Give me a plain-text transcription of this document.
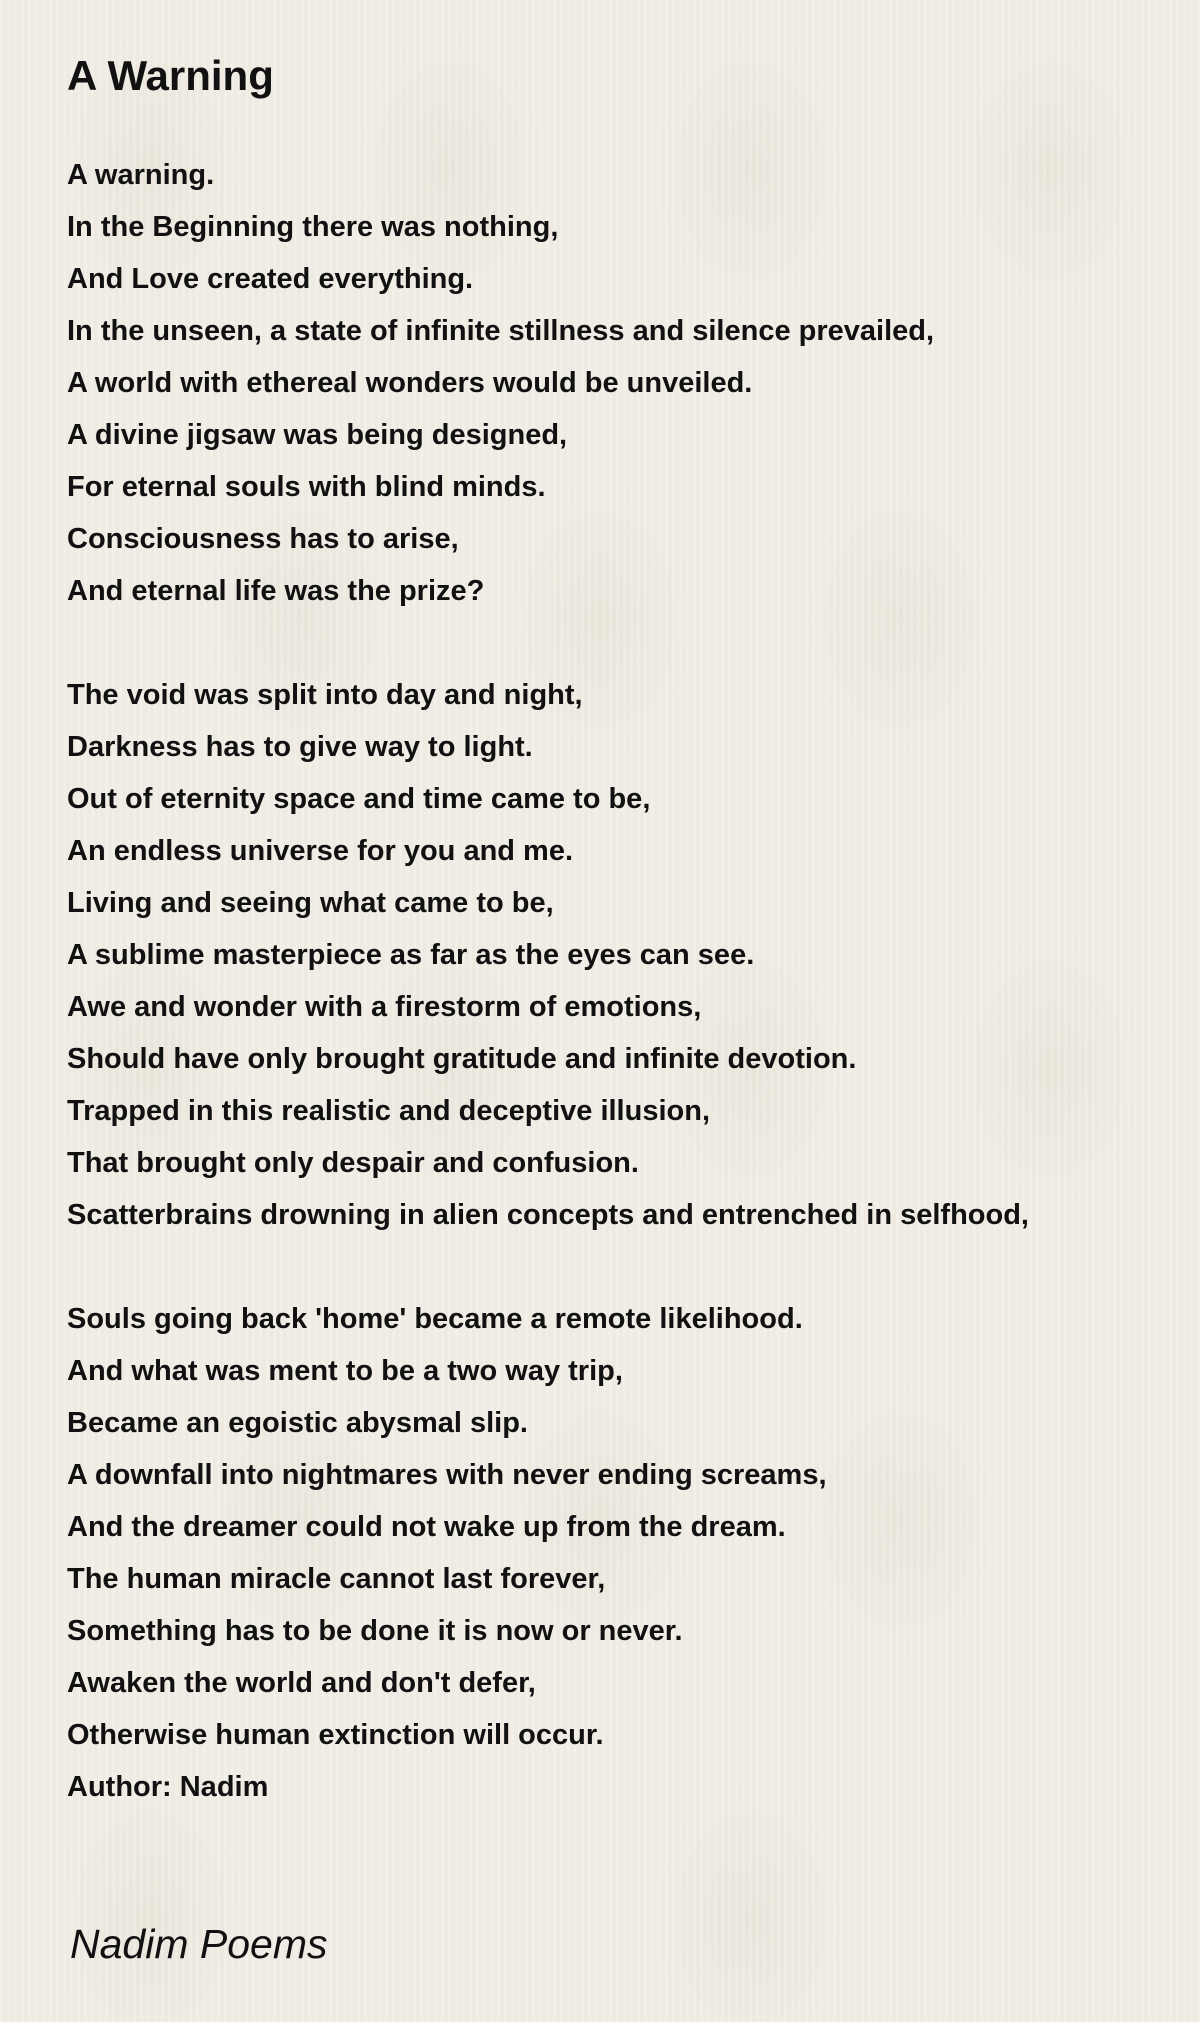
A Warning
A warning.
In the Beginning there was nothing,
And Love created everything.
In the unseen, a state of infinite stillness and silence prevailed,
A world with ethereal wonders would be unveiled.
A divine jigsaw was being designed,
For eternal souls with blind minds.
Consciousness has to arise,
And eternal life was the prize?
The void was split into day and night,
Darkness has to give way to light.
Out of eternity space and time came to be,
An endless universe for you and me.
Living and seeing what came to be,
A sublime masterpiece as far as the eyes can see.
Awe and wonder with a firestorm of emotions,
Should have only brought gratitude and infinite devotion.
Trapped in this realistic and deceptive illusion,
That brought only despair and confusion.
Scatterbrains drowning in alien concepts and entrenched in selfhood,
Souls going back 'home' became a remote likelihood.
And what was ment to be a two way trip,
Became an egoistic abysmal slip.
A downfall into nightmares with never ending screams,
And the dreamer could not wake up from the dream.
The human miracle cannot last forever,
Something has to be done it is now or never.
Awaken the world and don't defer,
Otherwise human extinction will occur.
Author: Nadim
Nadim Poems
